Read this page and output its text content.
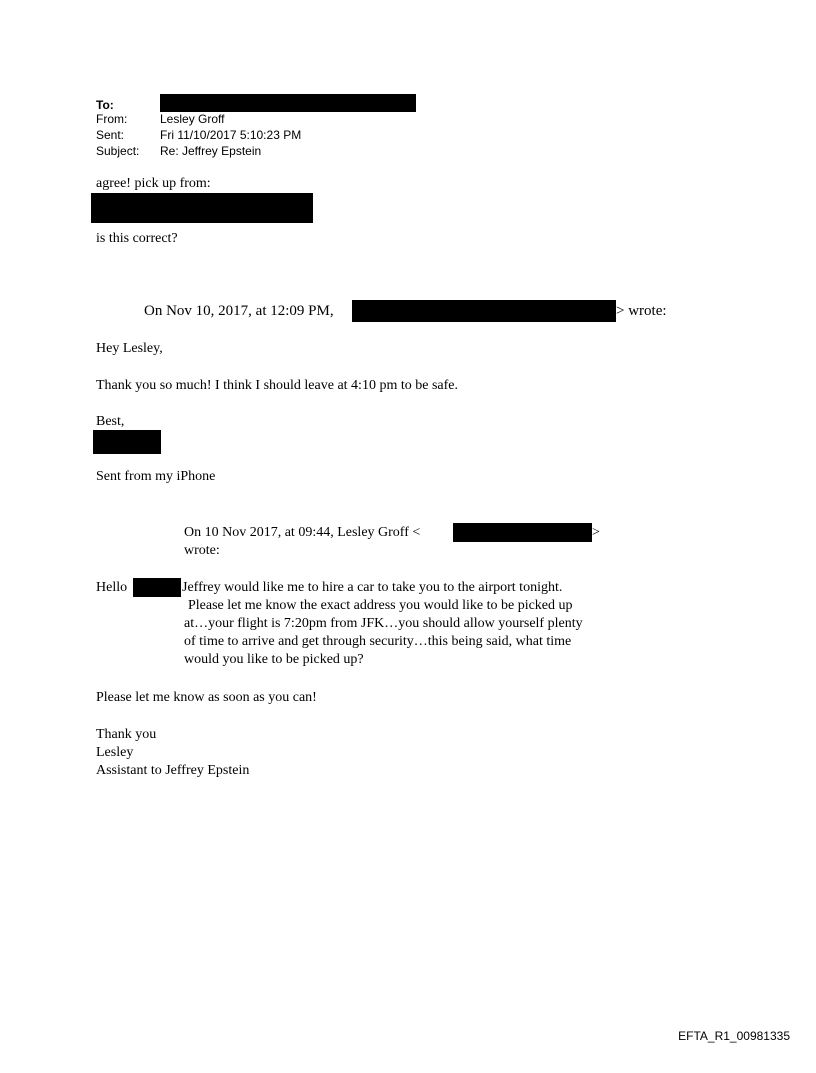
To:
From:	Lesley Groff
Sent:	Fri 11/10/2017 5:10:23 PM
Subject: Re: Jeffrey Epstein
agree! pick up from:
is this correct?
On Nov 10, 2017, at 12:09 PM,	> wrote:
Hey Lesley,
Thank you so much! I think I should leave at 4:10 pm to be safe.
Best,
Sent from my iPhone
On 10 Nov 2017, at 09:44, Lesley Groff <	>
wrote:
Hello	Jeffrey would like me to hire a car to take you to the airport tonight.
Please let me know the exact address you would like to be picked up
at…your flight is 7:20pm from JFK…you should allow yourself plenty
of time to arrive and get through security…this being said, what time
would you like to be picked up?
Please let me know as soon as you can!
Thank you
Lesley
Assistant to Jeffrey Epstein
EFTA_R1_00981335
